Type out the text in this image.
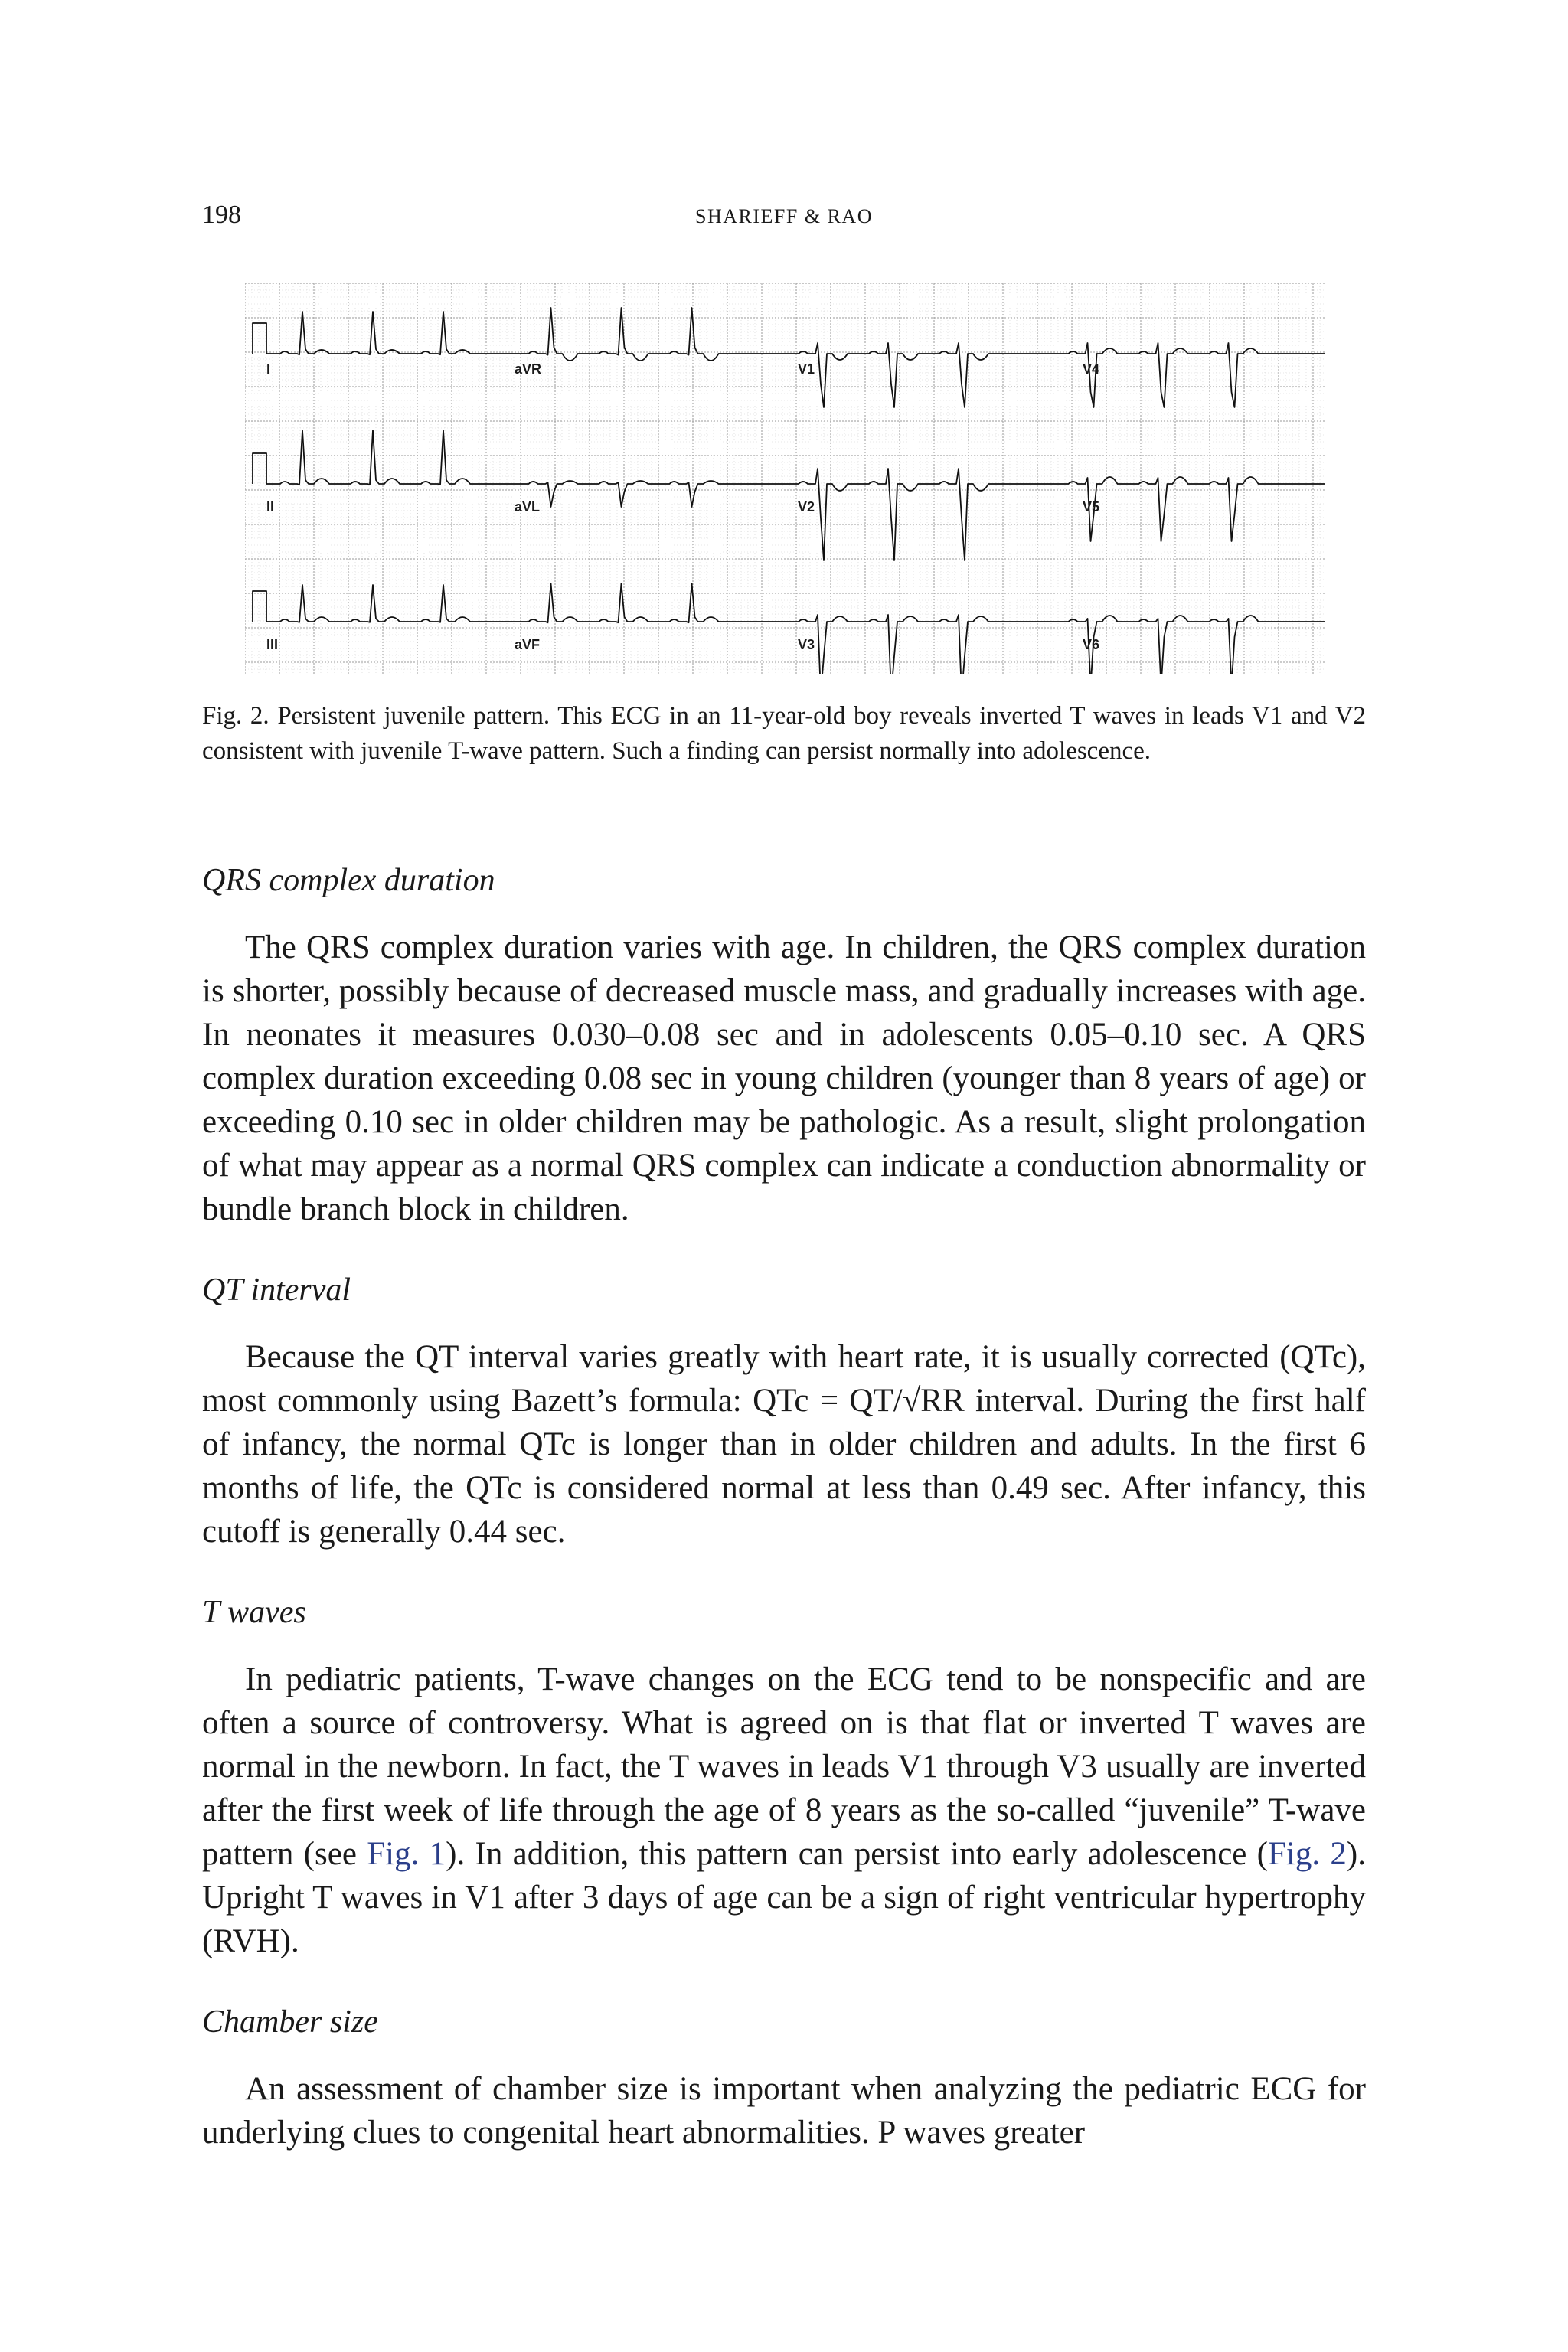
198	SHARIEFF & RAO
I	aVR	V1	V4
II	aVL	V2	V5
III	aVF	V3	V6
Fig. 2. Persistent juvenile pattern. This ECG in an 11-year-old boy reveals inverted T waves in leads V1 and V2 consistent with juvenile T-wave pattern. Such a finding can persist normally into adolescence.
QRS complex duration

The QRS complex duration varies with age. In children, the QRS complex duration is shorter, possibly because of decreased muscle mass, and gradually increases with age. In neonates it measures 0.030–0.08 sec and in adolescents 0.05–0.10 sec. A QRS complex duration exceeding 0.08 sec in young children (younger than 8 years of age) or exceeding 0.10 sec in older children may be pathologic. As a result, slight prolongation of what may appear as a normal QRS complex can indicate a conduction abnormality or bundle branch block in children.

QT interval

Because the QT interval varies greatly with heart rate, it is usually corrected (QTc), most commonly using Bazett’s formula: QTc = QT/√RR interval. During the first half of infancy, the normal QTc is longer than in older children and adults. In the first 6 months of life, the QTc is considered normal at less than 0.49 sec. After infancy, this cutoff is generally 0.44 sec.

T waves

In pediatric patients, T-wave changes on the ECG tend to be nonspecific and are often a source of controversy. What is agreed on is that flat or inverted T waves are normal in the newborn. In fact, the T waves in leads V1 through V3 usually are inverted after the first week of life through the age of 8 years as the so-called “juvenile” T-wave pattern (see Fig. 1). In addition, this pattern can persist into early adolescence (Fig. 2). Upright T waves in V1 after 3 days of age can be a sign of right ventricular hypertrophy (RVH).

Chamber size

An assessment of chamber size is important when analyzing the pediatric ECG for underlying clues to congenital heart abnormalities. P waves greater
